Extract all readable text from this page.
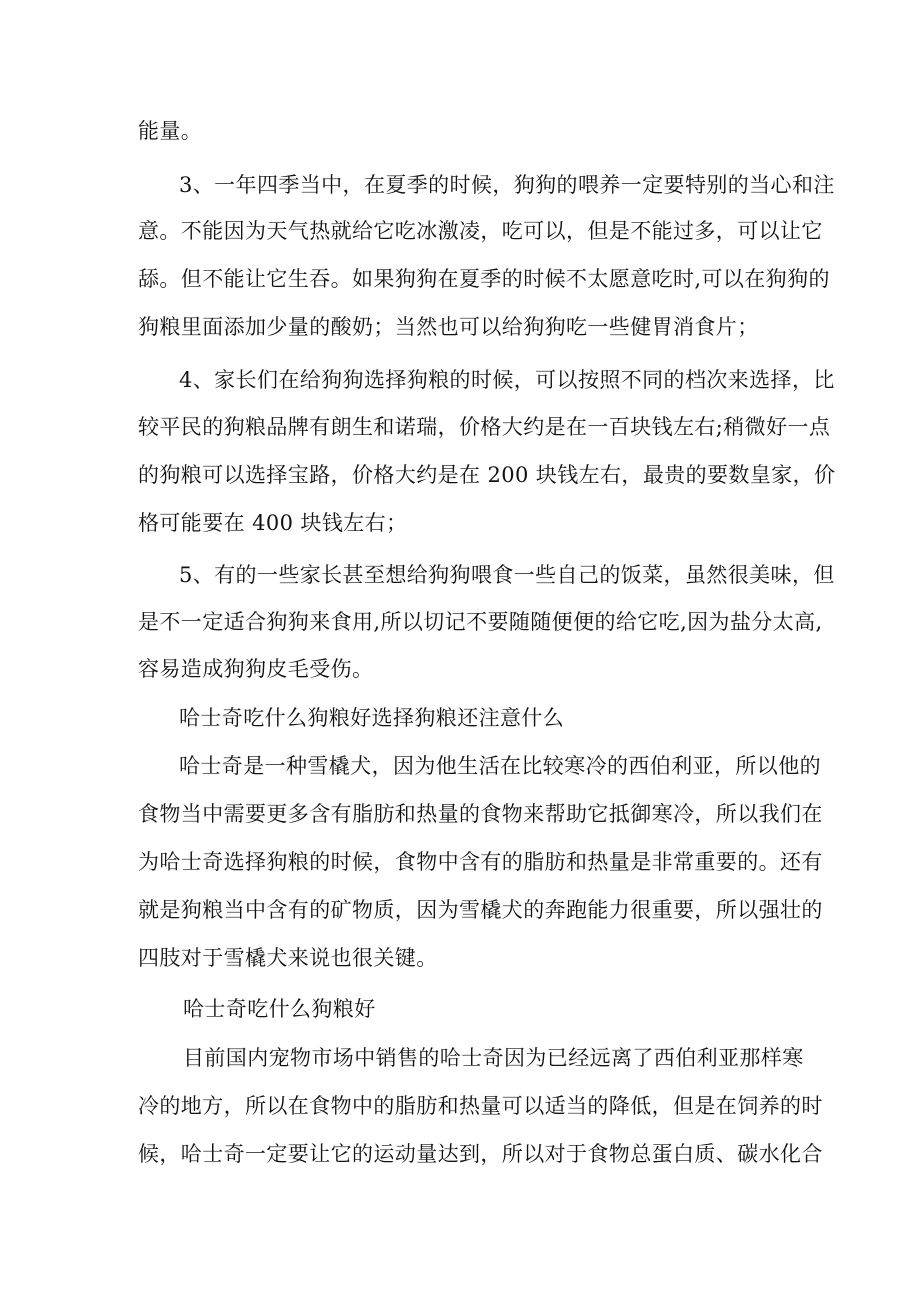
能量。
3、一年四季当中，在夏季的时候，狗狗的喂养一定要特别的当心和注
意。不能因为天气热就给它吃冰激凌，吃可以，但是不能过多，可以让它
舔。但不能让它生吞。如果狗狗在夏季的时候不太愿意吃时,可以在狗狗的
狗粮里面添加少量的酸奶；当然也可以给狗狗吃一些健胃消食片；
4、家长们在给狗狗选择狗粮的时候，可以按照不同的档次来选择，比
较平民的狗粮品牌有朗生和诺瑞，价格大约是在一百块钱左右;稍微好一点
的狗粮可以选择宝路，价格大约是在 200 块钱左右，最贵的要数皇家，价
格可能要在 400 块钱左右；
5、有的一些家长甚至想给狗狗喂食一些自己的饭菜，虽然很美味，但
是不一定适合狗狗来食用,所以切记不要随随便便的给它吃,因为盐分太高,
容易造成狗狗皮毛受伤。
哈士奇吃什么狗粮好选择狗粮还注意什么
哈士奇是一种雪橇犬，因为他生活在比较寒冷的西伯利亚，所以他的
食物当中需要更多含有脂肪和热量的食物来帮助它抵御寒冷，所以我们在
为哈士奇选择狗粮的时候，食物中含有的脂肪和热量是非常重要的。还有
就是狗粮当中含有的矿物质，因为雪橇犬的奔跑能力很重要，所以强壮的
四肢对于雪橇犬来说也很关键。
哈士奇吃什么狗粮好
目前国内宠物市场中销售的哈士奇因为已经远离了西伯利亚那样寒
冷的地方，所以在食物中的脂肪和热量可以适当的降低，但是在饲养的时
候，哈士奇一定要让它的运动量达到，所以对于食物总蛋白质、碳水化合
